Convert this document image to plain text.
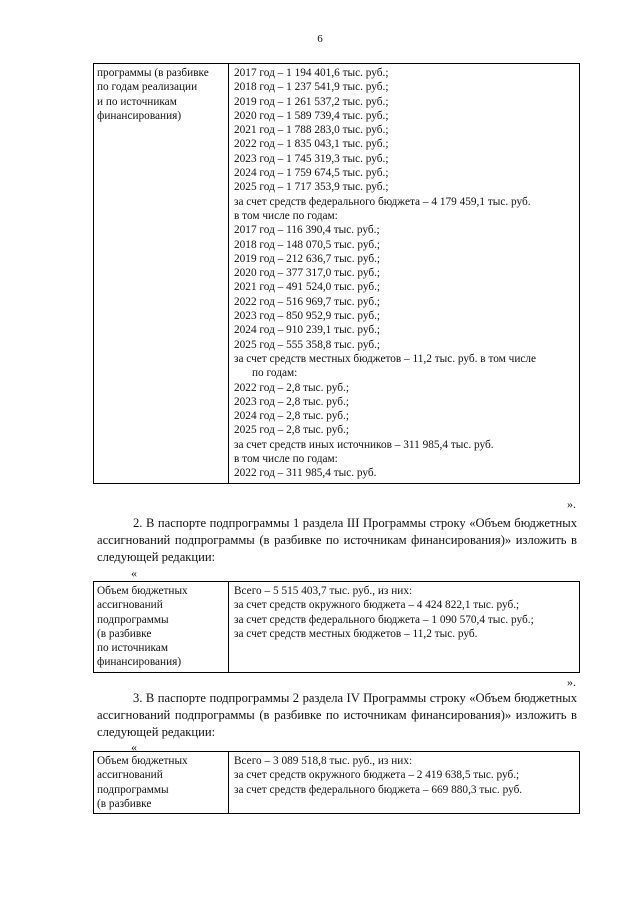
6
программы (в разбивке
по годам реализации
и по источникам
финансирования)

2017 год – 1 194 401,6 тыс. руб.;
2018 год – 1 237 541,9 тыс. руб.;
2019 год – 1 261 537,2 тыс. руб.;
2020 год – 1 589 739,4 тыс. руб.;
2021 год – 1 788 283,0 тыс. руб.;
2022 год – 1 835 043,1 тыс. руб.;
2023 год – 1 745 319,3 тыс. руб.;
2024 год – 1 759 674,5 тыс. руб.;
2025 год – 1 717 353,9 тыс. руб.;
за счет средств федерального бюджета – 4 179 459,1 тыс. руб.
в том числе по годам:
2017 год – 116 390,4 тыс. руб.;
2018 год – 148 070,5 тыс. руб.;
2019 год – 212 636,7 тыс. руб.;
2020 год – 377 317,0 тыс. руб.;
2021 год – 491 524,0 тыс. руб.;
2022 год – 516 969,7 тыс. руб.;
2023 год – 850 952,9 тыс. руб.;
2024 год – 910 239,1 тыс. руб.;
2025 год – 555 358,8 тыс. руб.;
за счет средств местных бюджетов – 11,2 тыс. руб. в том числе
по годам:
2022 год – 2,8 тыс. руб.;
2023 год – 2,8 тыс. руб.;
2024 год – 2,8 тыс. руб.;
2025 год – 2,8 тыс. руб.;
за счет средств иных источников – 311 985,4 тыс. руб.
в том числе по годам:
2022 год – 311 985,4 тыс. руб.
».
2. В паспорте подпрограммы 1 раздела III Программы строку «Объем бюджетных ассигнований подпрограммы (в разбивке по источникам финансирования)» изложить в следующей редакции:
«
Объем бюджетных
ассигнований
подпрограммы
(в разбивке
по источникам
финансирования)

Всего – 5 515 403,7 тыс. руб., из них:
за счет средств окружного бюджета – 4 424 822,1 тыс. руб.;
за счет средств федерального бюджета – 1 090 570,4 тыс. руб.;
за счет средств местных бюджетов – 11,2 тыс. руб.
».
3. В паспорте подпрограммы 2 раздела IV Программы строку «Объем бюджетных ассигнований подпрограммы (в разбивке по источникам финансирования)» изложить в следующей редакции:
«
Объем бюджетных
ассигнований
подпрограммы
(в разбивке

Всего – 3 089 518,8 тыс. руб., из них:
за счет средств окружного бюджета – 2 419 638,5 тыс. руб.;
за счет средств федерального бюджета – 669 880,3 тыс. руб.
